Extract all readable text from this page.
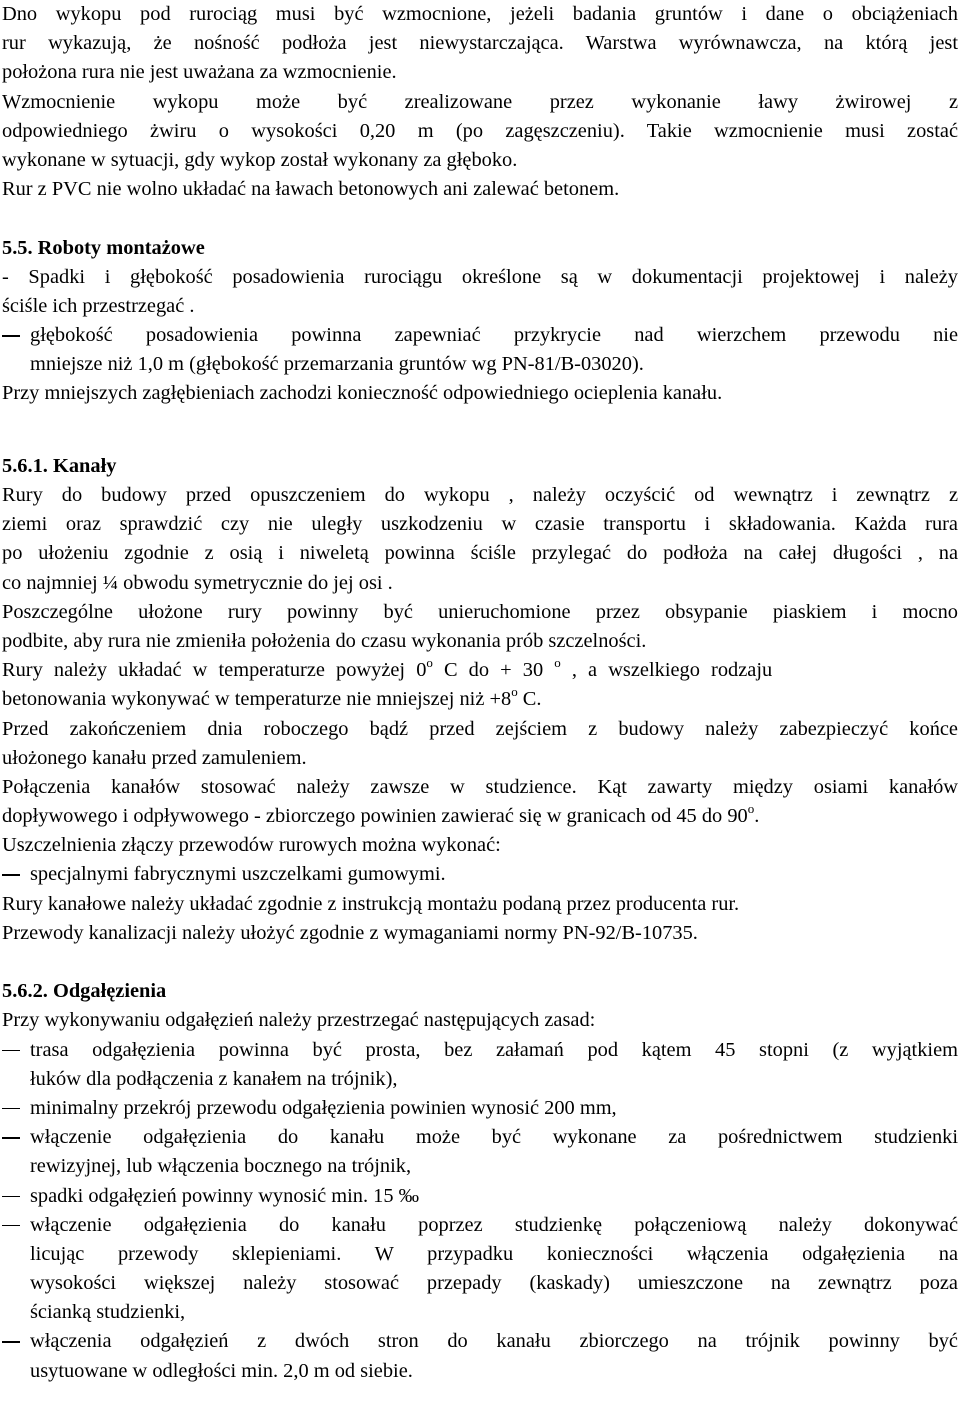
Dno wykopu pod rurociąg musi być wzmocnione, jeżeli badania gruntów i dane o obciążeniach
rur wykazują, że nośność podłoża jest niewystarczająca. Warstwa wyrównawcza, na którą jest
położona rura nie jest uważana za wzmocnienie.
Wzmocnienie wykopu może być zrealizowane przez wykonanie ławy żwirowej z
odpowiedniego żwiru o wysokości 0,20 m (po zagęszczeniu). Takie wzmocnienie musi zostać
wykonane w sytuacji, gdy wykop został wykonany za głęboko.
Rur z PVC nie wolno układać na ławach betonowych ani zalewać betonem.
5.5. Roboty montażowe
- Spadki i głębokość posadowienia rurociągu określone są w dokumentacji projektowej i należy
ściśle ich przestrzegać .
głębokość posadowienia powinna zapewniać przykrycie nad wierzchem przewodu nie
mniejsze niż 1,0 m (głębokość przemarzania gruntów wg PN-81/B-03020).
Przy mniejszych zagłębieniach zachodzi konieczność odpowiedniego ocieplenia kanału.
5.6.1. Kanały
Rury do budowy przed opuszczeniem do wykopu , należy oczyścić od wewnątrz i zewnątrz z
ziemi oraz sprawdzić czy nie uległy uszkodzeniu w czasie transportu i składowania. Każda rura
po ułożeniu zgodnie z osią i niweletą powinna ściśle przylegać do podłoża na całej długości , na
co najmniej ¼ obwodu symetrycznie do jej osi .
Poszczególne ułożone rury powinny być unieruchomione przez obsypanie piaskiem i mocno
podbite, aby rura nie zmieniła położenia do czasu wykonania prób szczelności.
Rury należy układać w temperaturze powyżej 0$^o$ C do + 30 $^o$ , a wszelkiego rodzaju
betonowania wykonywać w temperaturze nie mniejszej niż $+8^o$ C.
Przed zakończeniem dnia roboczego bądź przed zejściem z budowy należy zabezpieczyć końce
ułożonego kanału przed zamuleniem.
Połączenia kanałów stosować należy zawsze w studzience. Kąt zawarty między osiami kanałów
dopływowego i odpływowego - zbiorczego powinien zawierać się w granicach od 45 do 90$^o$.
Uszczelnienia złączy przewodów rurowych można wykonać:
specjalnymi fabrycznymi uszczelkami gumowymi.
Rury kanałowe należy układać zgodnie z instrukcją montażu podaną przez producenta rur.
Przewody kanalizacji należy ułożyć zgodnie z wymaganiami normy PN-92/B-10735.
5.6.2. Odgałęzienia
Przy wykonywaniu odgałęzień należy przestrzegać następujących zasad:
trasa odgałęzienia powinna być prosta, bez załamań pod kątem 45 stopni (z wyjątkiem
łuków dla podłączenia z kanałem na trójnik),
minimalny przekrój przewodu odgałęzienia powinien wynosić 200 mm,
włączenie odgałęzienia do kanału może być wykonane za pośrednictwem studzienki
rewizyjnej, lub włączenia bocznego na trójnik,
spadki odgałęzień powinny wynosić min. 15 ‰
włączenie odgałęzienia do kanału poprzez studzienkę połączeniową należy dokonywać
licując przewody sklepieniami. W przypadku konieczności włączenia odgałęzienia na
wysokości większej należy stosować przepady (kaskady) umieszczone na zewnątrz poza
ścianką studzienki,
włączenia odgałęzień z dwóch stron do kanału zbiorczego na trójnik powinny być
usytuowane w odległości min. 2,0 m od siebie.
